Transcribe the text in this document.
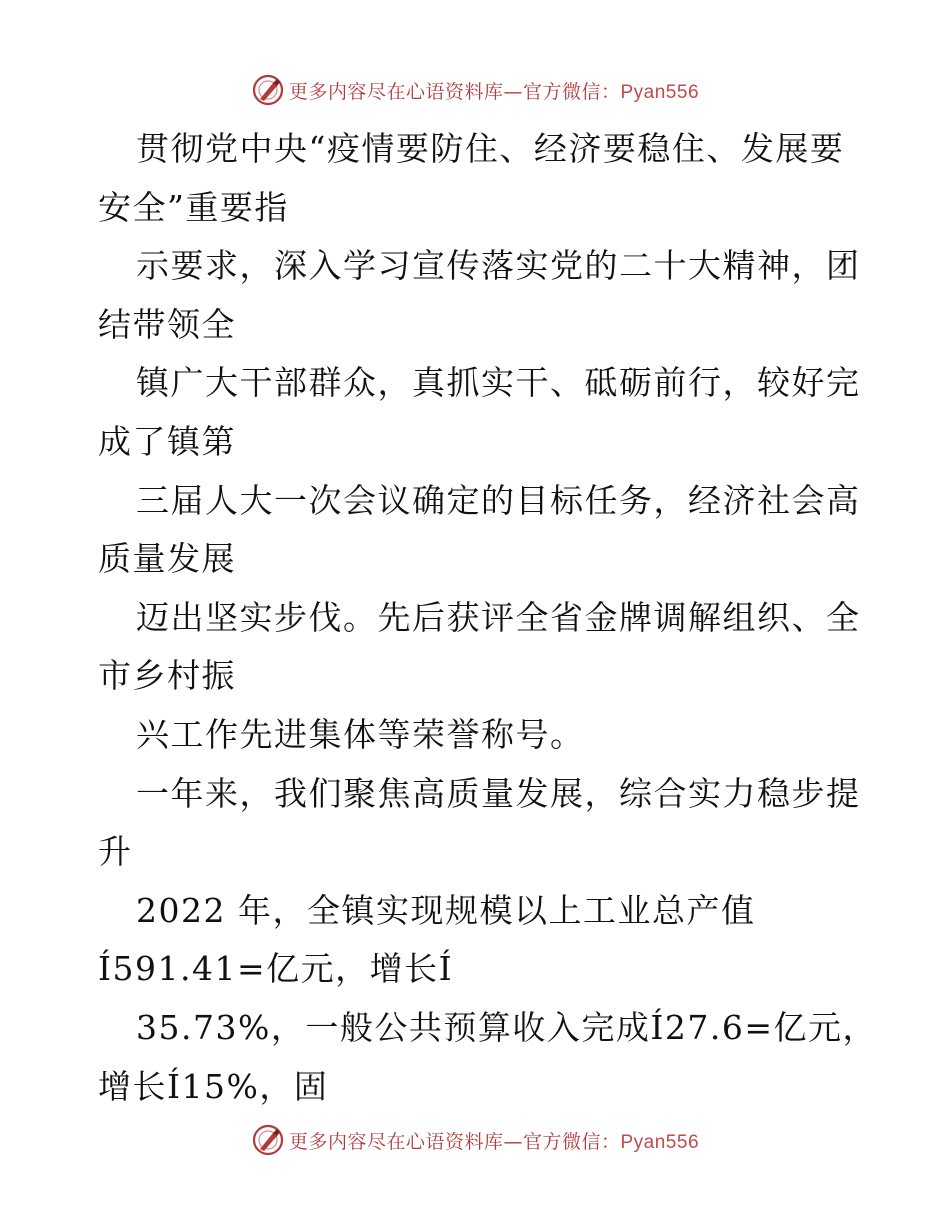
更多内容尽在心语资料库—官方微信：Pyan556
贯彻党中央“疫情要防住、经济要稳住、发展要
安全”重要指
示要求，深入学习宣传落实党的二十大精神，团
结带领全
镇广大干部群众，真抓实干、砥砺前行，较好完
成了镇第
三届人大一次会议确定的目标任务，经济社会高
质量发展
迈出坚实步伐。先后获评全省金牌调解组织、全
市乡村振
兴工作先进集体等荣誉称号。
一年来，我们聚焦高质量发展，综合实力稳步提
升
2022 年，全镇实现规模以上工业总产值
Í591.41=亿元，增长Í
35.73%，一般公共预算收入完成Í27.6=亿元，
增长Í15%，固
更多内容尽在心语资料库—官方微信：Pyan556
